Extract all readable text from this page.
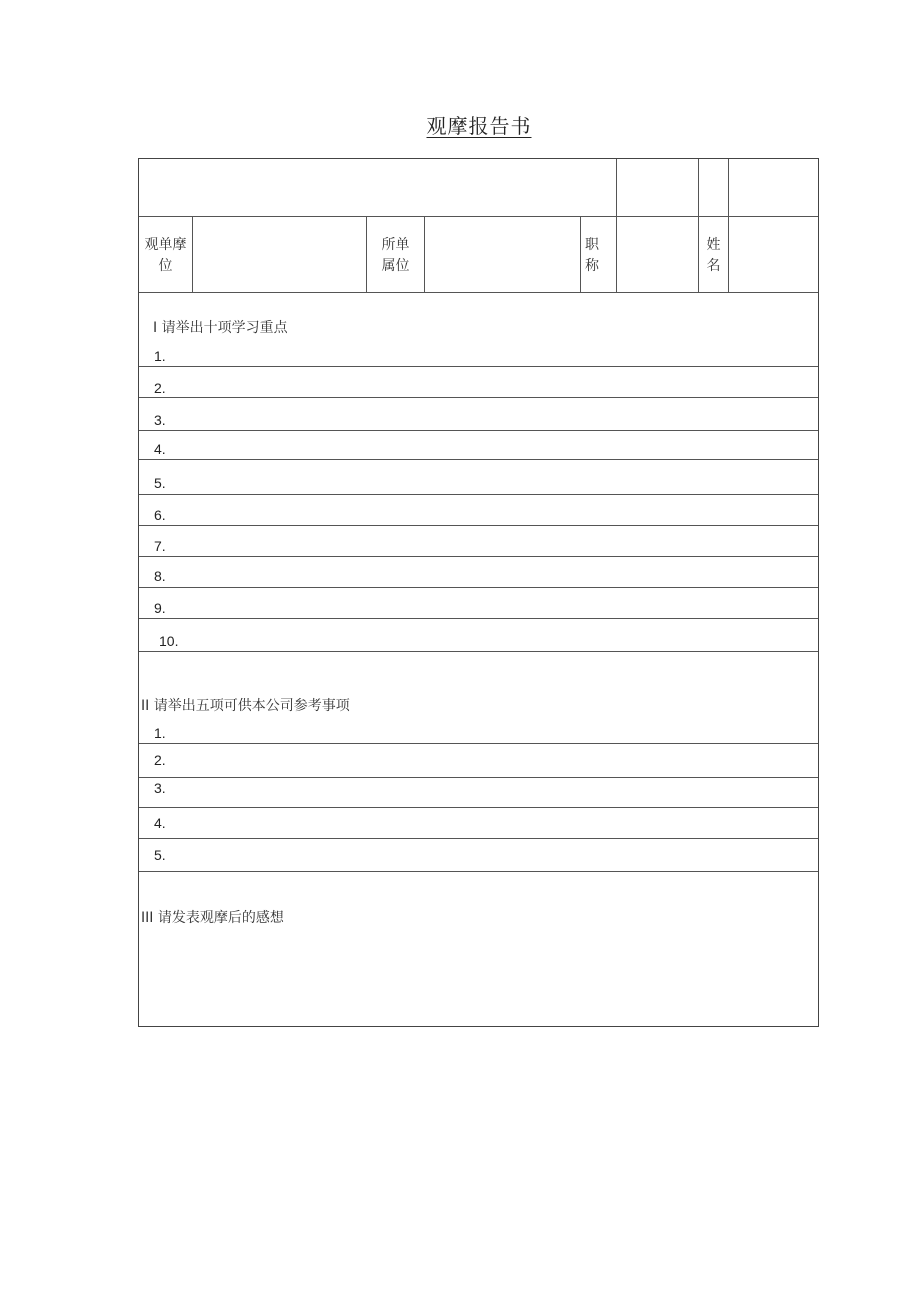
观摩报告书
观单摩
位
所单
属位
职
称
姓
名
I 请举出十项学习重点
1.
2.
3.
4.
5.
6.
7.
8.
9.
10.
II 请举出五项可供本公司参考事项
1.
2.
3.
4.
5.
III 请发表观摩后的感想
